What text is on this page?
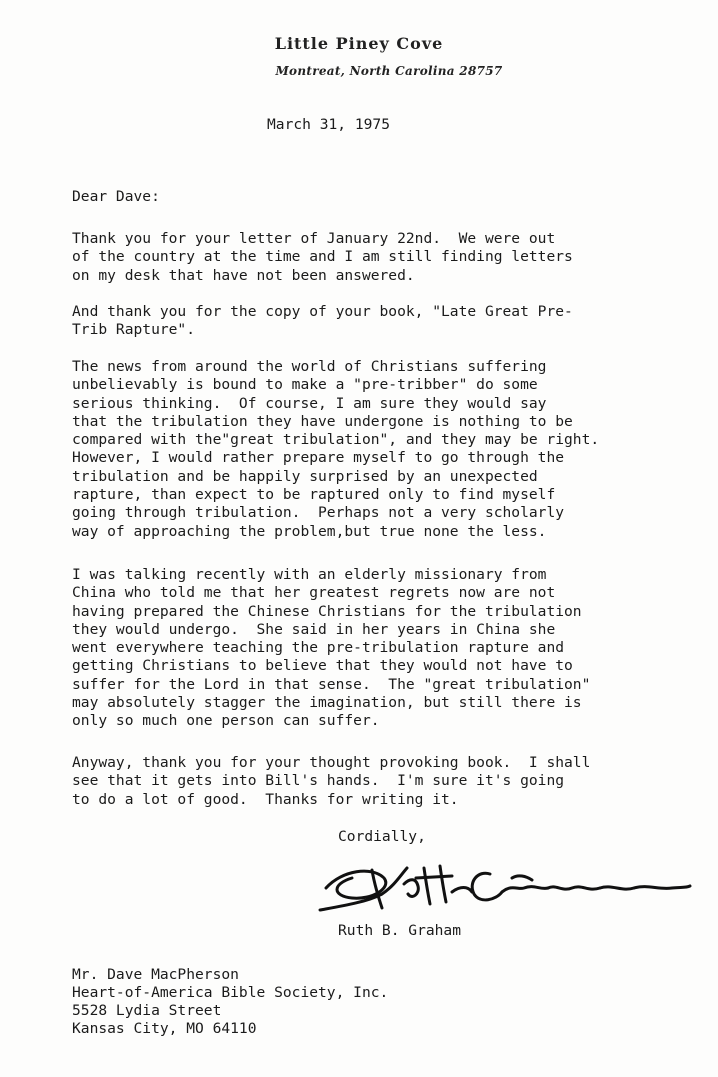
Little Piney Cove
Montreat, North Carolina 28757
March 31, 1975
Dear Dave:
Thank you for your letter of January 22nd.  We were out
of the country at the time and I am still finding letters
on my desk that have not been answered.
And thank you for the copy of your book, "Late Great Pre-
Trib Rapture".
The news from around the world of Christians suffering
unbelievably is bound to make a "pre-tribber" do some
serious thinking.  Of course, I am sure they would say
that the tribulation they have undergone is nothing to be
compared with the"great tribulation", and they may be right.
However, I would rather prepare myself to go through the
tribulation and be happily surprised by an unexpected
rapture, than expect to be raptured only to find myself
going through tribulation.  Perhaps not a very scholarly
way of approaching the problem,but true none the less.
I was talking recently with an elderly missionary from
China who told me that her greatest regrets now are not
having prepared the Chinese Christians for the tribulation
they would undergo.  She said in her years in China she
went everywhere teaching the pre-tribulation rapture and
getting Christians to believe that they would not have to
suffer for the Lord in that sense.  The "great tribulation"
may absolutely stagger the imagination, but still there is
only so much one person can suffer.
Anyway, thank you for your thought provoking book.  I shall
see that it gets into Bill's hands.  I'm sure it's going
to do a lot of good.  Thanks for writing it.
Cordially,
Ruth B. Graham
Mr. Dave MacPherson
Heart-of-America Bible Society, Inc.
5528 Lydia Street
Kansas City, MO 64110
